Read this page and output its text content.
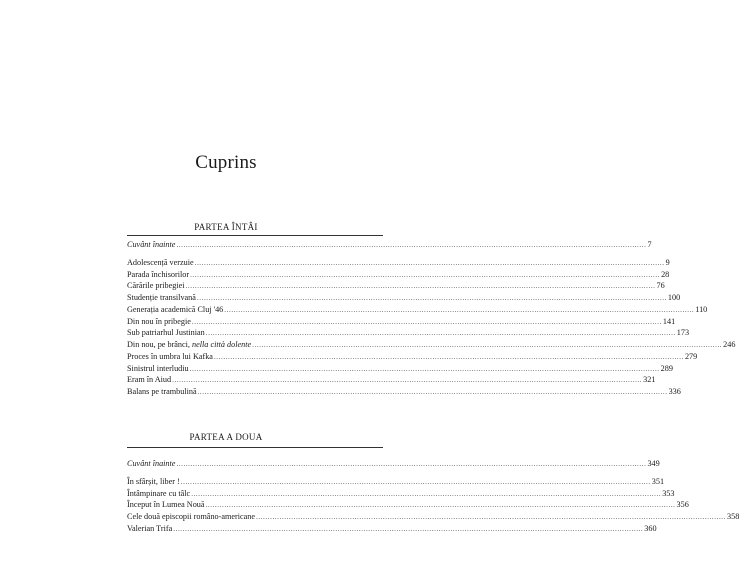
Cuprins
PARTEA ÎNTÂI
Cuvânt înainte .....	7
Adolescență verzuie .....	9
Parada închisorilor .....	28
Cărările pribegiei .....	76
Studenție transilvană .....	100
Generația academică Cluj '46 .....	110
Din nou în pribegie .....	141
Sub patriarhul Justinian .....	173
Din nou, pe brânci, nella città dolente .....	246
Proces în umbra lui Kafka .....	279
Sinistrul interludiu .....	289
Eram în Aiud .....	321
Balans pe trambulină .....	336
PARTEA A DOUA
Cuvânt înainte .....	349
În sfârșit, liber ! .....	351
Întâmpinare cu tâlc .....	353
Început în Lumea Nouă .....	356
Cele două episcopii româno-americane .....	358
Valerian Trifa .....	360
